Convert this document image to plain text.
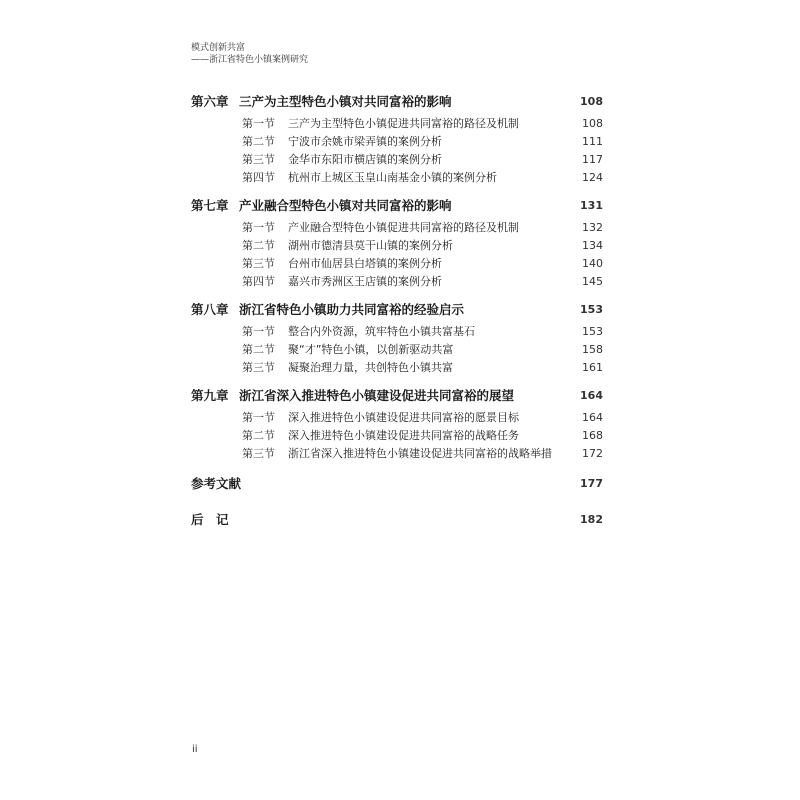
模式创新共富
——浙江省特色小镇案例研究
第六章 三产为主型特色小镇对共同富裕的影响	108
第一节	三产为主型特色小镇促进共同富裕的路径及机制	108
第二节	宁波市余姚市梁弄镇的案例分析	111
第三节	金华市东阳市横店镇的案例分析	117
第四节	杭州市上城区玉皇山南基金小镇的案例分析	124
第七章 产业融合型特色小镇对共同富裕的影响	131
第一节	产业融合型特色小镇促进共同富裕的路径及机制	132
第二节	湖州市德清县莫干山镇的案例分析	134
第三节	台州市仙居县白塔镇的案例分析	140
第四节	嘉兴市秀洲区王店镇的案例分析	145
第八章 浙江省特色小镇助力共同富裕的经验启示	153
第一节	整合内外资源，筑牢特色小镇共富基石	153
第二节	聚“才”特色小镇，以创新驱动共富	158
第三节	凝聚治理力量，共创特色小镇共富	161
第九章 浙江省深入推进特色小镇建设促进共同富裕的展望	164
第一节	深入推进特色小镇建设促进共同富裕的愿景目标	164
第二节	深入推进特色小镇建设促进共同富裕的战略任务	168
第三节	浙江省深入推进特色小镇建设促进共同富裕的战略举措	172
参考文献	177
后　记	182
ii
